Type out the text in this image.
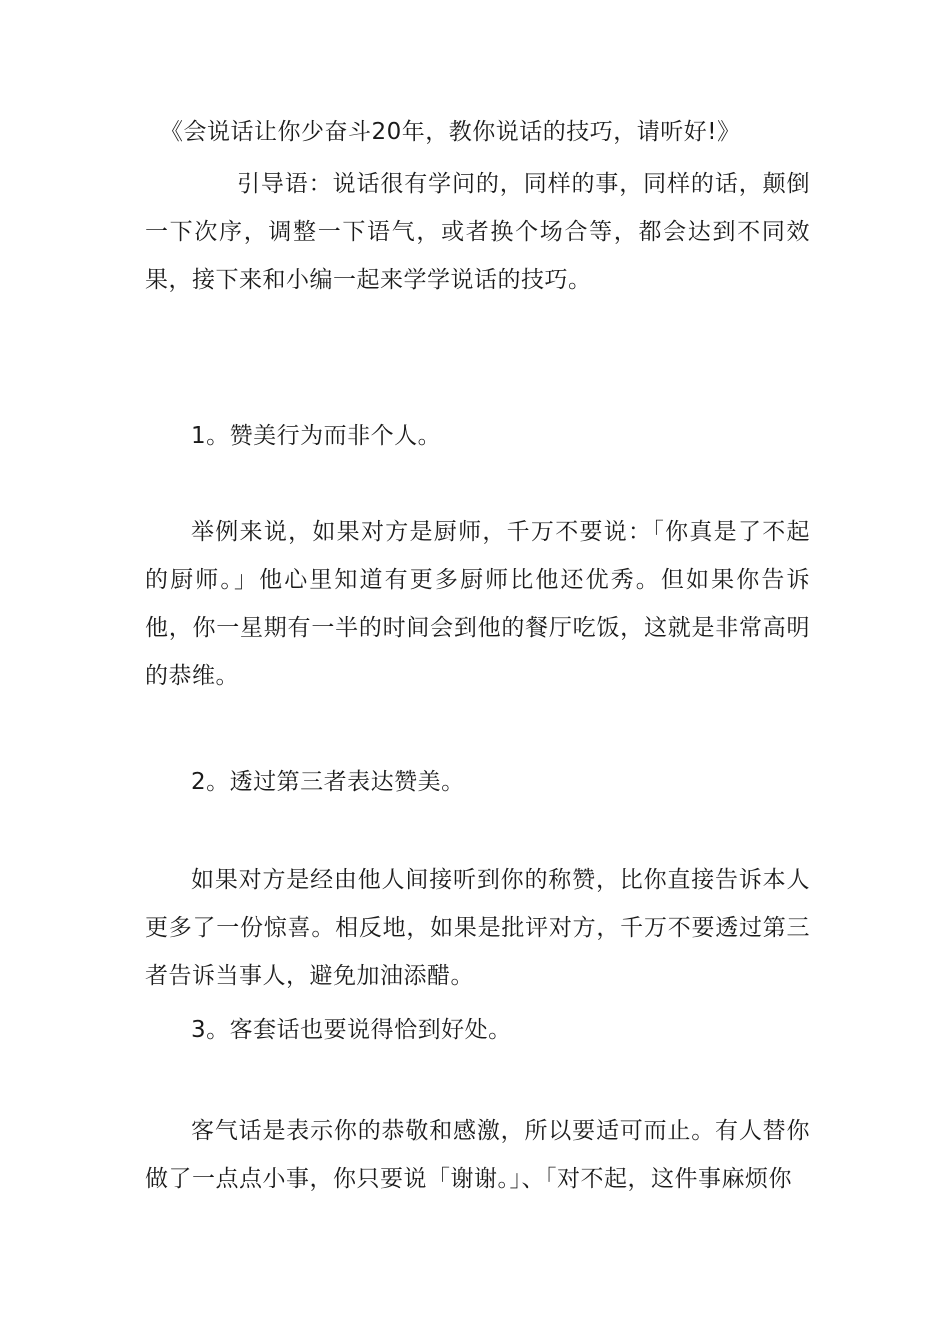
《会说话让你少奋斗20年，教你说话的技巧，请听好!》

引导语：说话很有学问的，同样的事，同样的话，颠倒一下次序，调整一下语气，或者换个场合等，都会达到不同效果，接下来和小编一起来学学说话的技巧。

1。赞美行为而非个人。

举例来说，如果对方是厨师，千万不要说：「你真是了不起的厨师。」他心里知道有更多厨师比他还优秀。但如果你告诉他，你一星期有一半的时间会到他的餐厅吃饭，这就是非常高明的恭维。

2。透过第三者表达赞美。

如果对方是经由他人间接听到你的称赞，比你直接告诉本人更多了一份惊喜。相反地，如果是批评对方，千万不要透过第三者告诉当事人，避免加油添醋。

3。客套话也要说得恰到好处。

客气话是表示你的恭敬和感激，所以要适可而止。有人替你做了一点点小事，你只要说「谢谢。」、「对不起，这件事麻烦你
